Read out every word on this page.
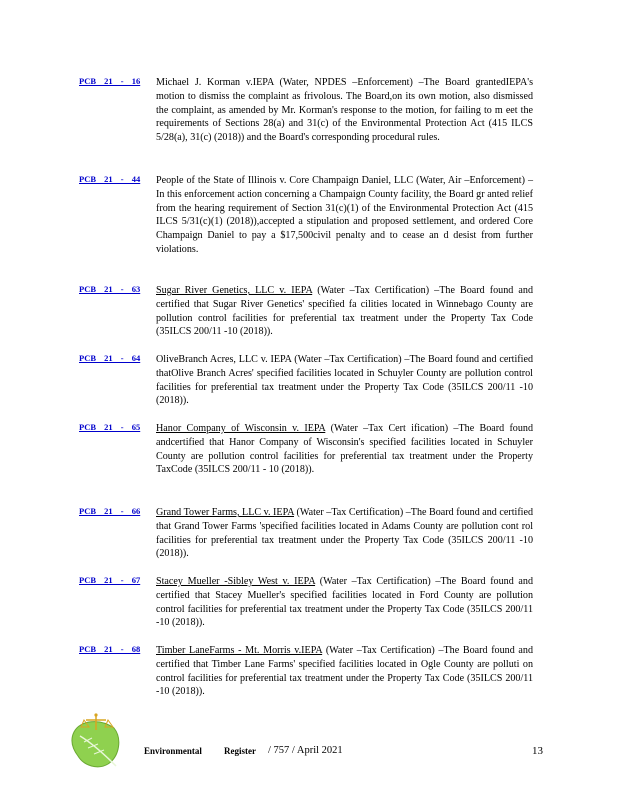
PCB 21 - 16	Michael J. Korman v.IEPA (Water, NPDES –Enforcement) –The Board grantedIEPA's motion to dismiss the complaint as frivolous. The Board,on its own motion, also dismissed the complaint, as amended by Mr. Korman's response to the motion, for failing to m eet the requirements of Sections 28(a) and 31(c) of the Environmental Protection Act (415 ILCS 5/28(a), 31(c) (2018)) and the Board's corresponding procedural rules.

PCB 21 - 44	People of the State of Illinois v. Core Champaign Daniel, LLC (Water, Air –Enforcement) – In this enforcement action concerning a Champaign County facility, the Board gr anted relief from the hearing requirement of Section 31(c)(1) of the Environmental Protection Act (415 ILCS 5/31(c)(1) (2018)),accepted a stipulation and proposed settlement, and ordered Core Champaign Daniel to pay a $17,500civil penalty and to cease an d desist from further violations.

PCB 21 - 63	Sugar River Genetics, LLC v. IEPA (Water –Tax Certification) –The Board found and certified that Sugar River Genetics' specified fa cilities located in Winnebago County are pollution control facilities for preferential tax treatment under the Property Tax Code (35ILCS 200/11 -10 (2018)).

PCB 21 - 64	OliveBranch Acres, LLC v. IEPA (Water –Tax Certification) –The Board found and certified thatOlive Branch Acres' specified facilities located in Schuyler County are pollution control facilities for preferential tax treatment under the Property Tax Code (35ILCS 200/11 -10 (2018)).

PCB 21 - 65	Hanor Company of Wisconsin v. IEPA (Water –Tax Cert ification) –The Board found andcertified that Hanor Company of Wisconsin's specified facilities located in Schuyler County are pollution control facilities for preferential tax treatment under the Property TaxCode (35ILCS 200/11 - 10 (2018)).

PCB 21 - 66	Grand Tower Farms, LLC v. IEPA (Water –Tax Certification) –The Board found and certified that Grand Tower Farms 'specified facilities located in Adams County are pollution cont rol facilities for preferential tax treatment under the Property Tax Code (35ILCS 200/11 -10 (2018)).

PCB 21 - 67	Stacey Mueller -Sibley West v. IEPA (Water –Tax Certification) –The Board found and certified that Stacey Mueller's specified facilities located in Ford County are pollution control facilities for preferential tax treatment under the Property Tax Code (35ILCS 200/11 -10 (2018)).

PCB 21 - 68	Timber LaneFarms - Mt. Morris v.IEPA (Water –Tax Certification) –The Board found and certified that Timber Lane Farms' specified facilities located in Ogle County are polluti on control facilities for preferential tax treatment under the Property Tax Code (35ILCS 200/11 -10 (2018)).

Environmental Register / 757 / April 2021	13
